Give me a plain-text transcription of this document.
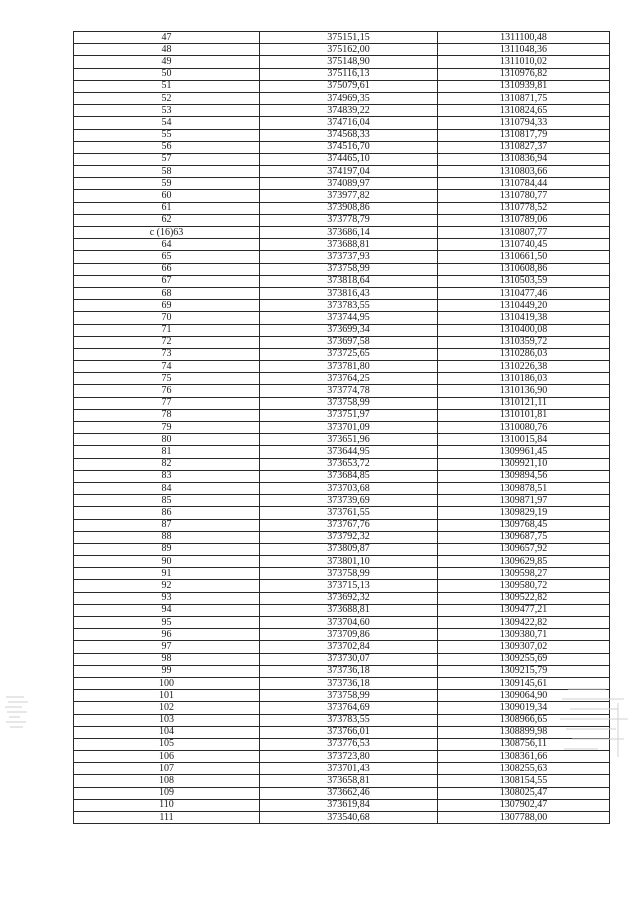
47	375151,15	1311100,48
48	375162,00	1311048,36
49	375148,90	1311010,02
50	375116,13	1310976,82
51	375079,61	1310939,81
52	374969,35	1310871,75
53	374839,22	1310824,65
54	374716,04	1310794,33
55	374568,33	1310817,79
56	374516,70	1310827,37
57	374465,10	1310836,94
58	374197,04	1310803,66
59	374089,97	1310784,44
60	373977,82	1310780,77
61	373908,86	1310778,52
62	373778,79	1310789,06
c (16)63	373686,14	1310807,77
64	373688,81	1310740,45
65	373737,93	1310661,50
66	373758,99	1310608,86
67	373818,64	1310503,59
68	373816,43	1310477,46
69	373783,55	1310449,20
70	373744,95	1310419,38
71	373699,34	1310400,08
72	373697,58	1310359,72
73	373725,65	1310286,03
74	373781,80	1310226,38
75	373764,25	1310186,03
76	373774,78	1310136,90
77	373758,99	1310121,11
78	373751,97	1310101,81
79	373701,09	1310080,76
80	373651,96	1310015,84
81	373644,95	1309961,45
82	373653,72	1309921,10
83	373684,85	1309894,56
84	373703,68	1309878,51
85	373739,69	1309871,97
86	373761,55	1309829,19
87	373767,76	1309768,45
88	373792,32	1309687,75
89	373809,87	1309657,92
90	373801,10	1309629,85
91	373758,99	1309598,27
92	373715,13	1309580,72
93	373692,32	1309522,82
94	373688,81	1309477,21
95	373704,60	1309422,82
96	373709,86	1309380,71
97	373702,84	1309307,02
98	373730,07	1309255,69
99	373736,18	1309215,79
100	373736,18	1309145,61
101	373758,99	1309064,90
102	373764,69	1309019,34
103	373783,55	1308966,65
104	373766,01	1308899,98
105	373776,53	1308756,11
106	373723,80	1308361,66
107	373701,43	1308255,63
108	373658,81	1308154,55
109	373662,46	1308025,47
110	373619,84	1307902,47
111	373540,68	1307788,00
